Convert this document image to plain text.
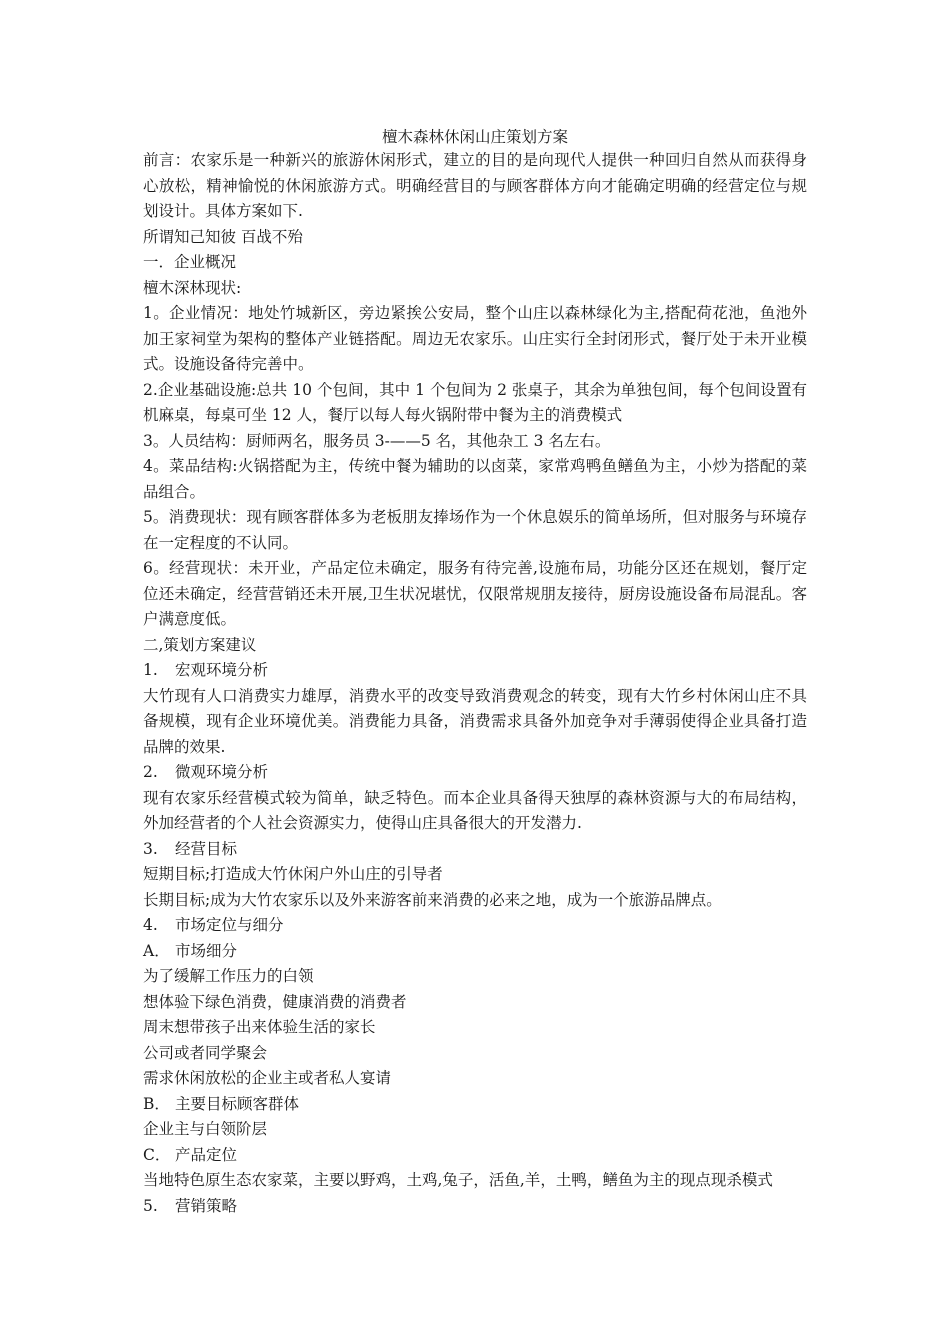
檀木森林休闲山庄策划方案

前言：农家乐是一种新兴的旅游休闲形式，建立的目的是向现代人提供一种回归自然从而获得身心放松，精神愉悦的休闲旅游方式。明确经营目的与顾客群体方向才能确定明确的经营定位与规划设计。具体方案如下.

所谓知己知彼 百战不殆

一．企业概况

檀木深林现状:

1。企业情况：地处竹城新区，旁边紧挨公安局，整个山庄以森林绿化为主,搭配荷花池，鱼池外加王家祠堂为架构的整体产业链搭配。周边无农家乐。山庄实行全封闭形式，餐厅处于未开业模式。设施设备待完善中。

2.企业基础设施:总共 10 个包间，其中 1 个包间为 2 张桌子，其余为单独包间，每个包间设置有机麻桌，每桌可坐 12 人，餐厅以每人每火锅附带中餐为主的消费模式

3。人员结构：厨师两名，服务员 3-——5 名，其他杂工 3 名左右。

4。菜品结构:火锅搭配为主，传统中餐为辅助的以卤菜，家常鸡鸭鱼鳝鱼为主，小炒为搭配的菜品组合。

5。消费现状：现有顾客群体多为老板朋友捧场作为一个休息娱乐的简单场所，但对服务与环境存在一定程度的不认同。

6。经营现状：未开业，产品定位未确定，服务有待完善,设施布局，功能分区还在规划，餐厅定位还未确定，经营营销还未开展,卫生状况堪忧，仅限常规朋友接待，厨房设施设备布局混乱。客户满意度低。

二,策划方案建议

1. 宏观环境分析

大竹现有人口消费实力雄厚，消费水平的改变导致消费观念的转变，现有大竹乡村休闲山庄不具备规模，现有企业环境优美。消费能力具备，消费需求具备外加竞争对手薄弱使得企业具备打造品牌的效果.

2. 微观环境分析

现有农家乐经营模式较为简单，缺乏特色。而本企业具备得天独厚的森林资源与大的布局结构，外加经营者的个人社会资源实力，使得山庄具备很大的开发潜力.

3. 经营目标

短期目标;打造成大竹休闲户外山庄的引导者

长期目标;成为大竹农家乐以及外来游客前来消费的必来之地，成为一个旅游品牌点。

4. 市场定位与细分

A． 市场细分

为了缓解工作压力的白领

想体验下绿色消费，健康消费的消费者

周末想带孩子出来体验生活的家长

公司或者同学聚会

需求休闲放松的企业主或者私人宴请

B． 主要目标顾客群体

企业主与白领阶层

C． 产品定位

当地特色原生态农家菜，主要以野鸡，土鸡,兔子，活鱼,羊，土鸭，鳝鱼为主的现点现杀模式

5. 营销策略
